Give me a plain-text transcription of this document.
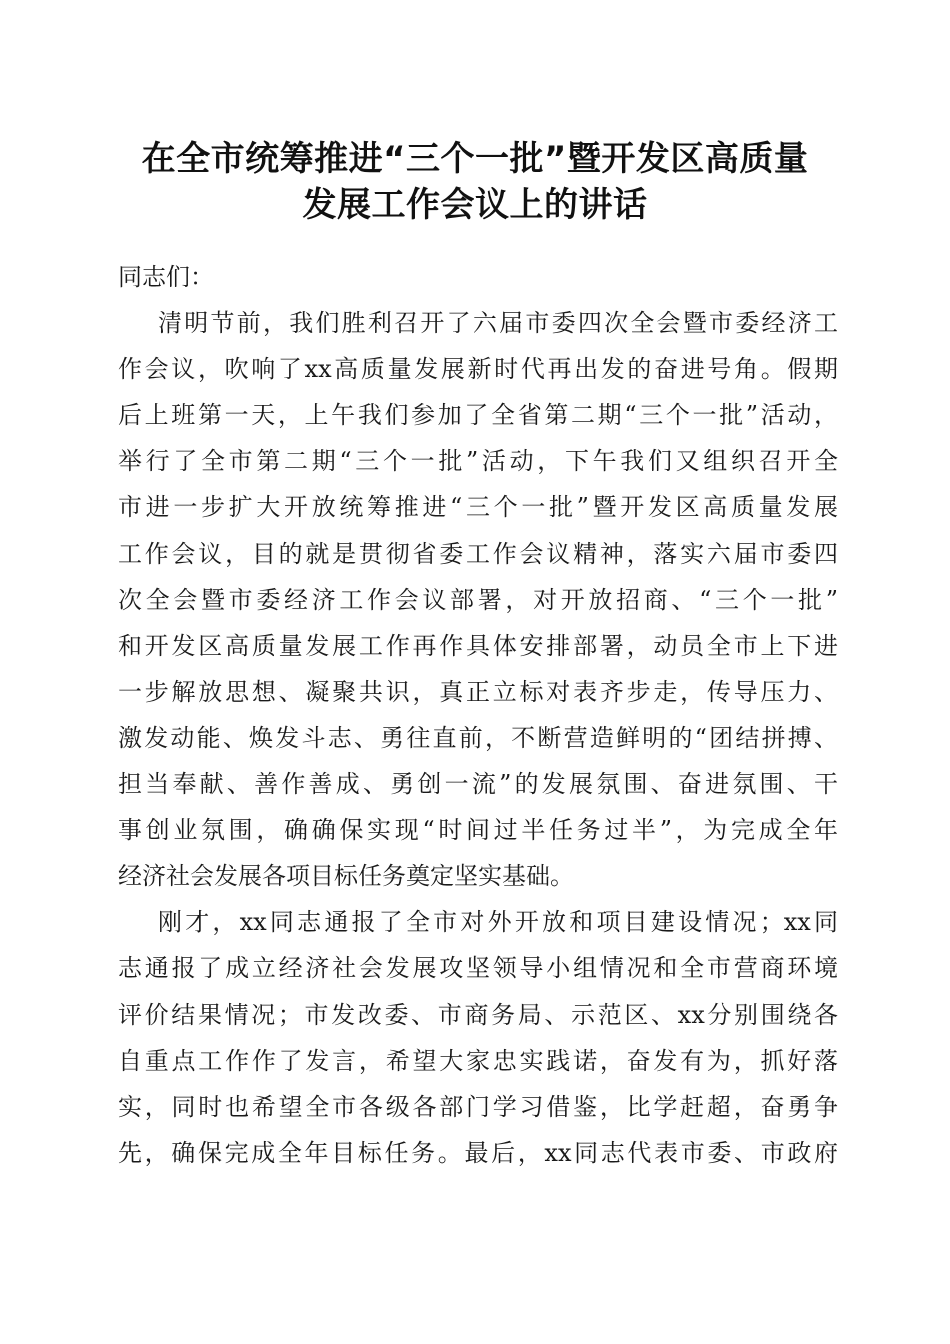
在全市统筹推进“三个一批”暨开发区高质量
发展工作会议上的讲话
同志们：
清明节前，我们胜利召开了六届市委四次全会暨市委经济工
作会议，吹响了xx高质量发展新时代再出发的奋进号角。假期
后上班第一天，上午我们参加了全省第二期“三个一批”活动，
举行了全市第二期“三个一批”活动，下午我们又组织召开全
市进一步扩大开放统筹推进“三个一批”暨开发区高质量发展
工作会议，目的就是贯彻省委工作会议精神，落实六届市委四
次全会暨市委经济工作会议部署，对开放招商、“三个一批”
和开发区高质量发展工作再作具体安排部署，动员全市上下进
一步解放思想、凝聚共识，真正立标对表齐步走，传导压力、
激发动能、焕发斗志、勇往直前，不断营造鲜明的“团结拼搏、
担当奉献、善作善成、勇创一流”的发展氛围、奋进氛围、干
事创业氛围，确确保实现“时间过半任务过半”，为完成全年
经济社会发展各项目标任务奠定坚实基础。
刚才，xx同志通报了全市对外开放和项目建设情况；xx同
志通报了成立经济社会发展攻坚领导小组情况和全市营商环境
评价结果情况；市发改委、市商务局、示范区、xx分别围绕各
自重点工作作了发言，希望大家忠实践诺，奋发有为，抓好落
实，同时也希望全市各级各部门学习借鉴，比学赶超，奋勇争
先，确保完成全年目标任务。最后，xx同志代表市委、市政府
